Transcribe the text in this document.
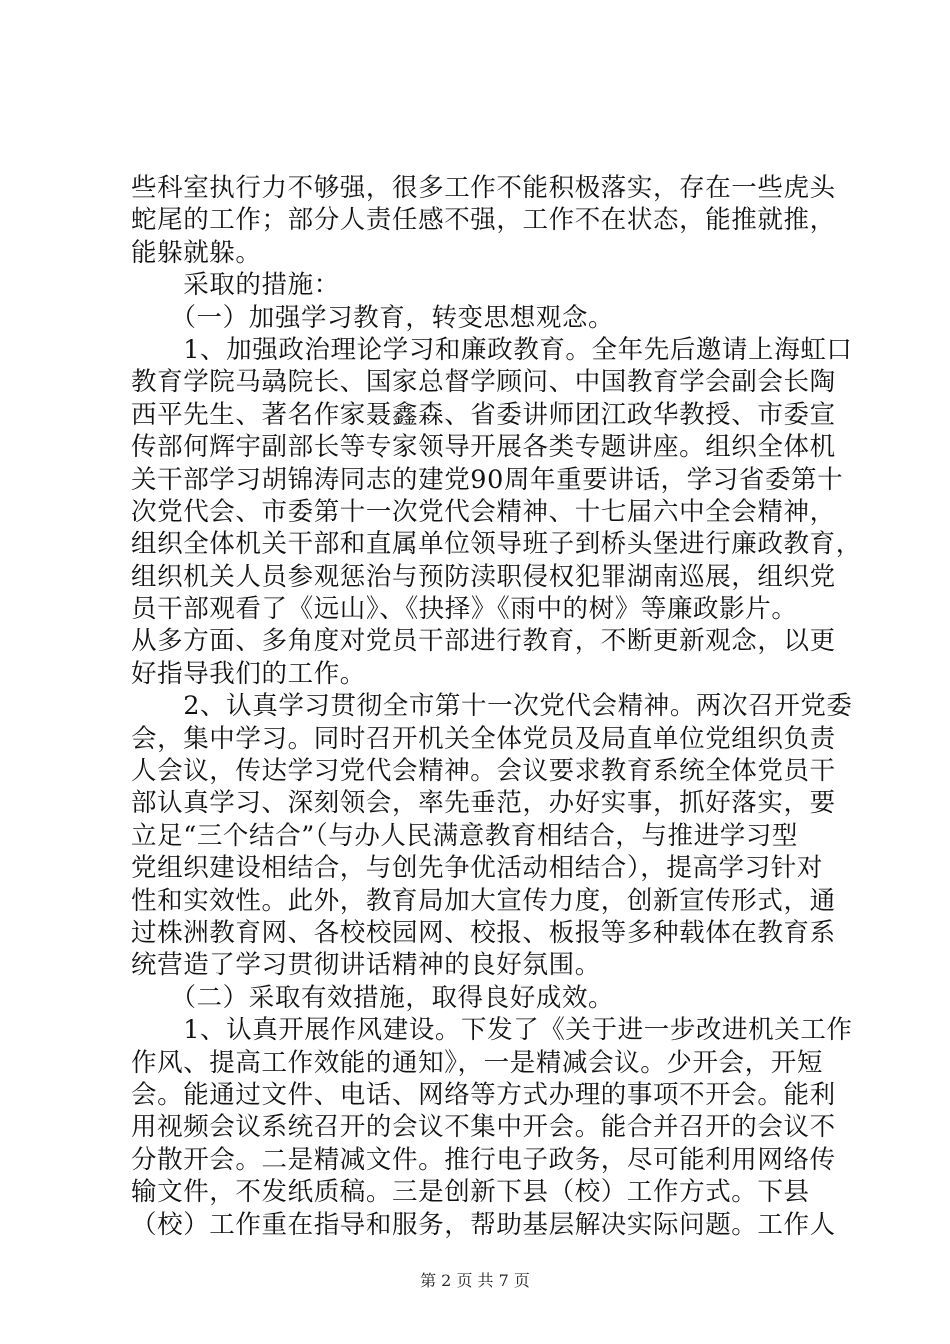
些科室执行力不够强，很多工作不能积极落实，存在一些虎头
蛇尾的工作；部分人责任感不强，工作不在状态，能推就推，
能躲就躲。
　　采取的措施：
　　（一）加强学习教育，转变思想观念。
　　1、加强政治理论学习和廉政教育。全年先后邀请上海虹口
教育学院马骉院长、国家总督学顾问、中国教育学会副会长陶
西平先生、著名作家聂鑫森、省委讲师团江政华教授、市委宣
传部何辉宇副部长等专家领导开展各类专题讲座。组织全体机
关干部学习胡锦涛同志的建党90周年重要讲话，学习省委第十
次党代会、市委第十一次党代会精神、十七届六中全会精神，
组织全体机关干部和直属单位领导班子到桥头堡进行廉政教育，
组织机关人员参观惩治与预防渎职侵权犯罪湖南巡展，组织党
员干部观看了《远山》、《抉择》《雨中的树》等廉政影片。
从多方面、多角度对党员干部进行教育，不断更新观念，以更
好指导我们的工作。
　　2、认真学习贯彻全市第十一次党代会精神。两次召开党委
会，集中学习。同时召开机关全体党员及局直单位党组织负责
人会议，传达学习党代会精神。会议要求教育系统全体党员干
部认真学习、深刻领会，率先垂范，办好实事，抓好落实，要
立足“三个结合”（与办人民满意教育相结合，与推进学习型
党组织建设相结合，与创先争优活动相结合），提高学习针对
性和实效性。此外，教育局加大宣传力度，创新宣传形式，通
过株洲教育网、各校校园网、校报、板报等多种载体在教育系
统营造了学习贯彻讲话精神的良好氛围。
　　（二）采取有效措施，取得良好成效。
　　1、认真开展作风建设。下发了《关于进一步改进机关工作
作风、提高工作效能的通知》，一是精减会议。少开会，开短
会。能通过文件、电话、网络等方式办理的事项不开会。能利
用视频会议系统召开的会议不集中开会。能合并召开的会议不
分散开会。二是精减文件。推行电子政务，尽可能利用网络传
输文件，不发纸质稿。三是创新下县（校）工作方式。下县
（校）工作重在指导和服务，帮助基层解决实际问题。工作人
第 2 页 共 7 页
